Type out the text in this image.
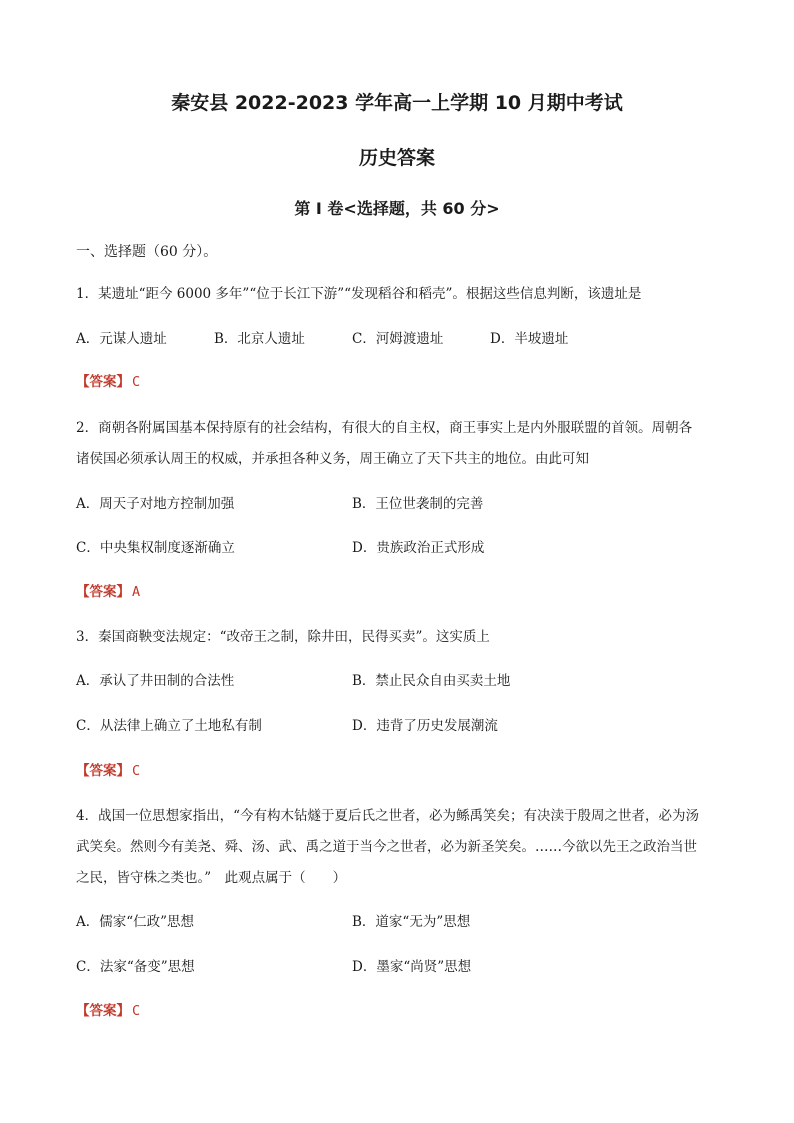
秦安县 2022-2023 学年高一上学期 10 月期中考试
历史答案
第 I 卷<选择题，共 60 分>
一、选择题（60 分）。
1．某遗址“距今 6000 多年”“位于长江下游”“发现稻谷和稻壳”。根据这些信息判断，该遗址是
A．元谋人遗址	B．北京人遗址	C．河姆渡遗址	D．半坡遗址
【答案】 C
2．商朝各附属国基本保持原有的社会结构，有很大的自主权，商王事实上是内外服联盟的首领。周朝各
诸侯国必须承认周王的权威，并承担各种义务，周王确立了天下共主的地位。由此可知
A．周天子对地方控制加强	B．王位世袭制的完善
C．中央集权制度逐渐确立	D．贵族政治正式形成
【答案】 A
3．秦国商鞅变法规定：“改帝王之制，除井田，民得买卖”。这实质上
A．承认了井田制的合法性	B．禁止民众自由买卖土地
C．从法律上确立了土地私有制	D．违背了历史发展潮流
【答案】 C
4．战国一位思想家指出，“今有构木钻燧于夏后氏之世者，必为鲧禹笑矣；有决渎于殷周之世者，必为汤
武笑矣。然则今有美尧、舜、汤、武、禹之道于当今之世者，必为新圣笑矣。……今欲以先王之政治当世
之民，皆守株之类也。”　此观点属于（　　）
A．儒家“仁政”思想	B．道家“无为”思想
C．法家“备变”思想	D．墨家“尚贤”思想
【答案】 C
